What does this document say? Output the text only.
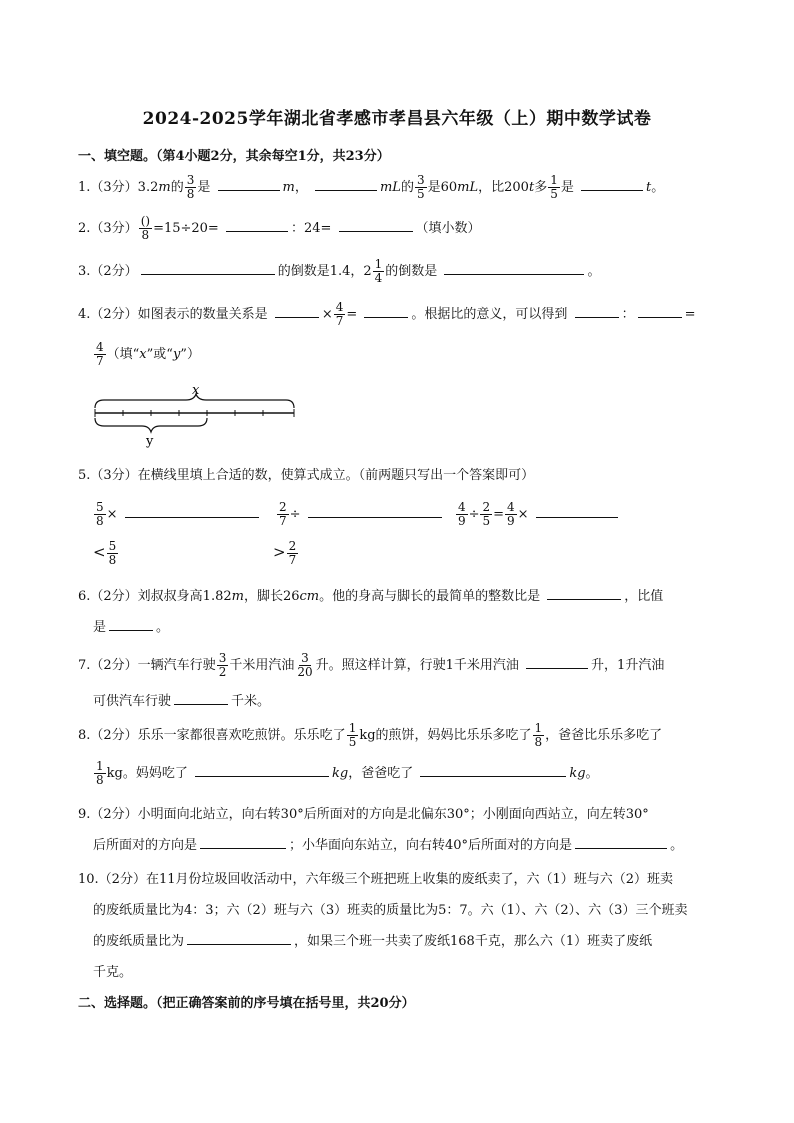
2024-2025学年湖北省孝感市孝昌县六年级（上）期中数学试卷
一、填空题。（第4小题2分，其余每空1分，共23分）
1.（3分）3.2m的 $\frac{3}{8}$ 是	m，	mL的 $\frac{3}{5}$ 是60mL，比200t多 $\frac{1}{5}$ 是	t。
2.（3分） $\frac{()}{8} =15\div 20=$	：24=	（填小数）
3.（2分）	的倒数是1.4， $2 \frac{1}{4}$ 的倒数是	。
4.（2分）如图表示的数量关系是	× $\frac{4}{7}$ =	。根据比的意义，可以得到	：	=
$\frac{4}{7}$ （填“x”或“y”）
x
y
5.（3分）在横线里填上合适的数，使算式成立。（前两题只写出一个答案即可）
$\frac{5}{8}$ ×	$\frac{2}{7}$ ÷	$\frac{4}{9} \div \frac{2}{5} = \frac{4}{9}$ ×
< $\frac{5}{8}$	> $\frac{2}{7}$
6.（2分）刘叔叔身高1.82m，脚长26cm。他的身高与脚长的最简单的整数比是	，比值
是	。
7.（2分）一辆汽车行驶 $\frac{3}{2}$ 千米用汽油 $\frac{3}{20}$ 升。照这样计算，行驶1千米用汽油	升，1升汽油
可供汽车行驶	千米。
8.（2分）乐乐一家都很喜欢吃煎饼。乐乐吃了 $\frac{1}{5}$ kg的煎饼，妈妈比乐乐多吃了 $\frac{1}{8}$ ，爸爸比乐乐多吃了
$\frac{1}{8}$ kg。妈妈吃了	kg，爸爸吃了	kg。
9.（2分）小明面向北站立，向右转30°后所面对的方向是北偏东30°；小刚面向西站立，向左转30°
后所面对的方向是	；小华面向东站立，向右转40°后所面对的方向是	。
10.（2分）在11月份垃圾回收活动中，六年级三个班把班上收集的废纸卖了，六（1）班与六（2）班卖
的废纸质量比为4：3；六（2）班与六（3）班卖的质量比为5：7。六（1）、六（2）、六（3）三个班卖
的废纸质量比为	，如果三个班一共卖了废纸168千克，那么六（1）班卖了废纸
千克。
二、选择题。（把正确答案前的序号填在括号里，共20分）
